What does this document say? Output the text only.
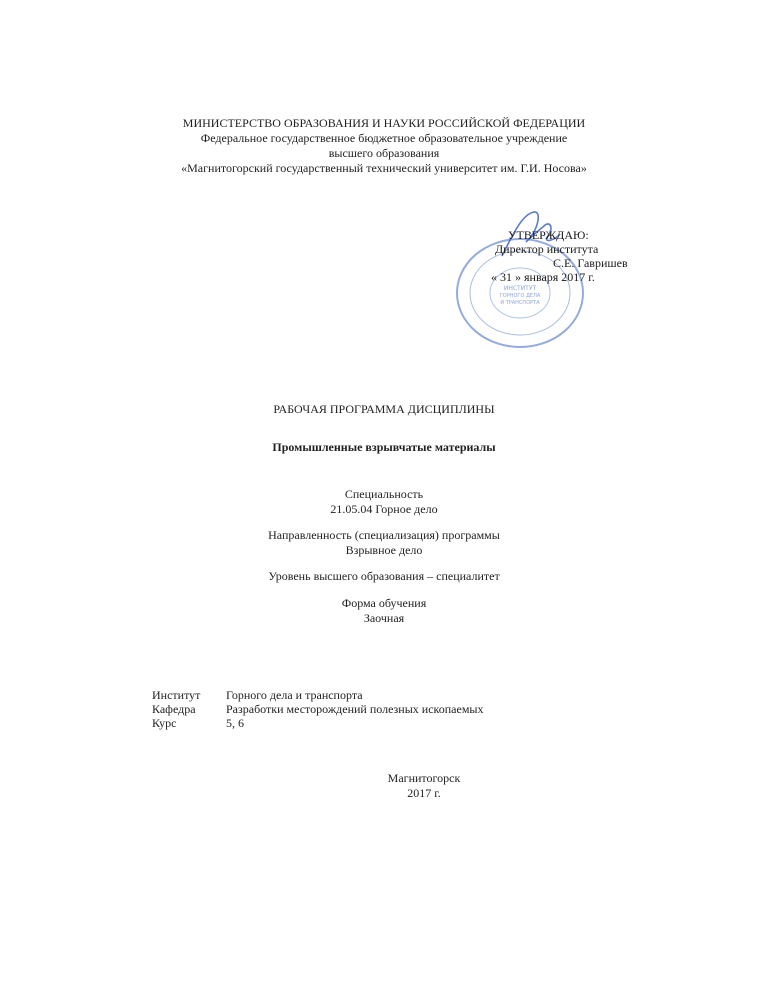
МИНИСТЕРСТВО ОБРАЗОВАНИЯ И НАУКИ РОССИЙСКОЙ ФЕДЕРАЦИИ
Федеральное государственное бюджетное образовательное учреждение
высшего образования
«Магнитогорский государственный технический университет им. Г.И. Носова»
ИНСТИТУТ
ГОРНОГО ДЕЛА
И ТРАНСПОРТА
УТВЕРЖДАЮ:
Директор института
С.Е. Гавришев
« 31 » января 2017 г.
РАБОЧАЯ ПРОГРАММА ДИСЦИПЛИНЫ
Промышленные взрывчатые материалы
Специальность
21.05.04 Горное дело
Направленность (специализация) программы
Взрывное дело
Уровень высшего образования – специалитет
Форма обучения
Заочная
Институт Горного дела и транспорта
Кафедра	Разработки месторождений полезных ископаемых
Курс	5, 6
Магнитогорск
2017 г.
